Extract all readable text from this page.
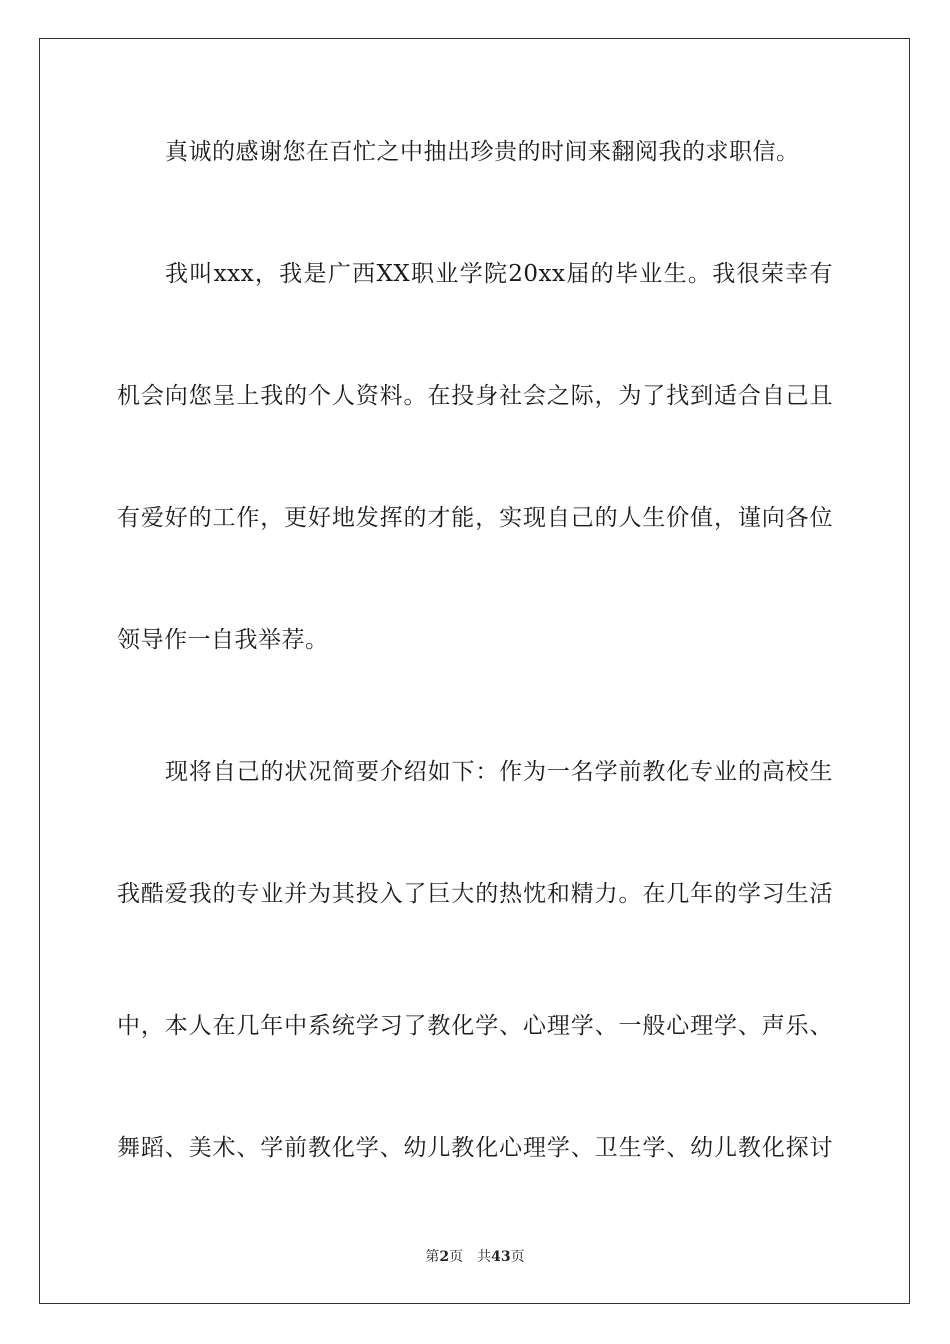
真诚的感谢您在百忙之中抽出珍贵的时间来翻阅我的求职信。
我叫xxx，我是广西XX职业学院20xx届的毕业生。我很荣幸有
机会向您呈上我的个人资料。在投身社会之际，为了找到适合自己且
有爱好的工作，更好地发挥的才能，实现自己的人生价值，谨向各位
领导作一自我举荐。
现将自己的状况简要介绍如下：作为一名学前教化专业的高校生
我酷爱我的专业并为其投入了巨大的热忱和精力。在几年的学习生活
中，本人在几年中系统学习了教化学、心理学、一般心理学、声乐、
舞蹈、美术、学前教化学、幼儿教化心理学、卫生学、幼儿教化探讨
第2页 共43页
